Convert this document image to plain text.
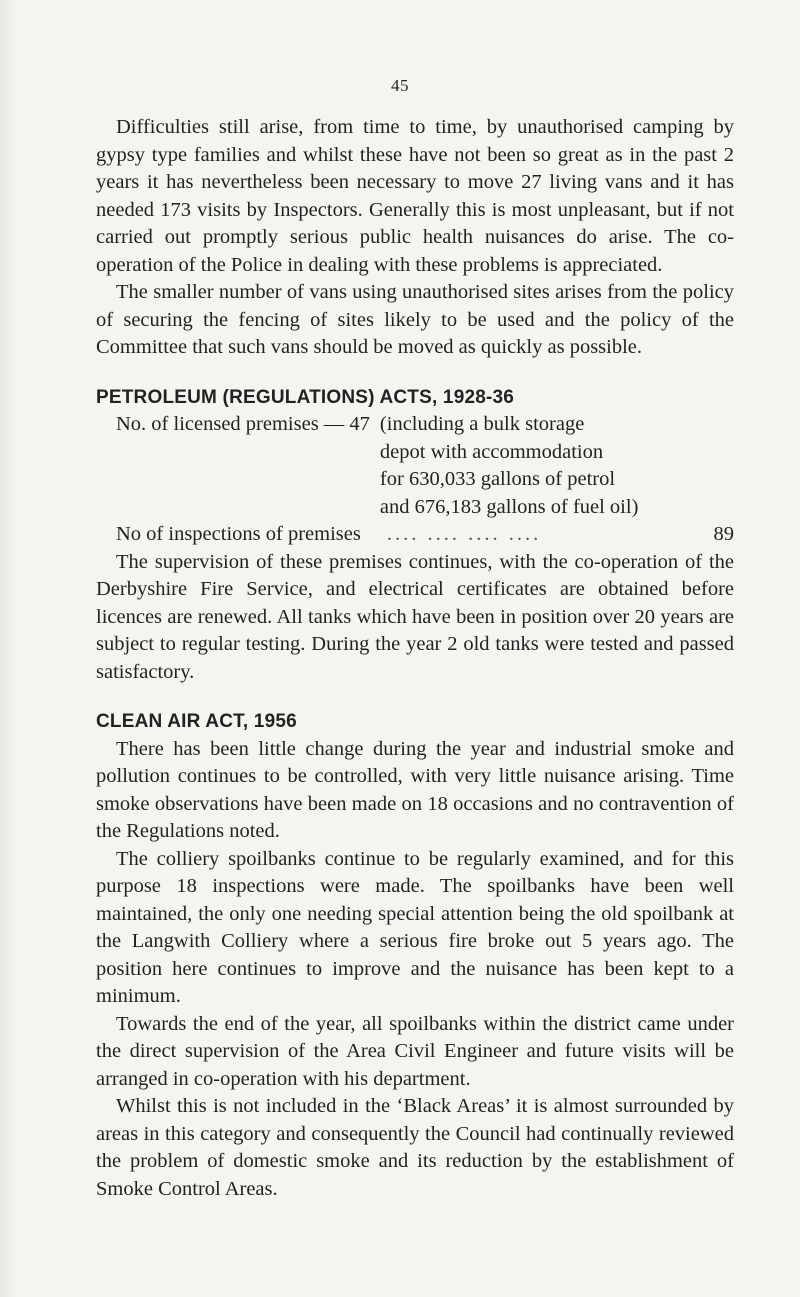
45

Difficulties still arise, from time to time, by unauthorised camping by gypsy type families and whilst these have not been so great as in the past 2 years it has nevertheless been necessary to move 27 living vans and it has needed 173 visits by Inspectors. Generally this is most unpleasant, but if not carried out promptly serious public health nuisances do arise. The co-operation of the Police in dealing with these problems is appreciated.

The smaller number of vans using unauthorised sites arises from the policy of securing the fencing of sites likely to be used and the policy of the Committee that such vans should be moved as quickly as possible.

PETROLEUM (REGULATIONS) ACTS, 1928-36
No. of licensed premises — 47 (including a bulk storage
depot with accommodation
for 630,033 gallons of petrol
and 676,183 gallons of fuel oil)
No of inspections of premises .... .... .... ....	89

The supervision of these premises continues, with the co-operation of the Derbyshire Fire Service, and electrical certificates are obtained before licences are renewed. All tanks which have been in position over 20 years are subject to regular testing. During the year 2 old tanks were tested and passed satisfactory.

CLEAN AIR ACT, 1956

There has been little change during the year and industrial smoke and pollution continues to be controlled, with very little nuisance arising. Time smoke observations have been made on 18 occasions and no contravention of the Regulations noted.

The colliery spoilbanks continue to be regularly examined, and for this purpose 18 inspections were made. The spoilbanks have been well maintained, the only one needing special attention being the old spoilbank at the Langwith Colliery where a serious fire broke out 5 years ago. The position here continues to improve and the nuisance has been kept to a minimum.

Towards the end of the year, all spoilbanks within the district came under the direct supervision of the Area Civil Engineer and future visits will be arranged in co-operation with his department.

Whilst this is not included in the ‘Black Areas’ it is almost surrounded by areas in this category and consequently the Council had continually reviewed the problem of domestic smoke and its reduction by the establishment of Smoke Control Areas.
